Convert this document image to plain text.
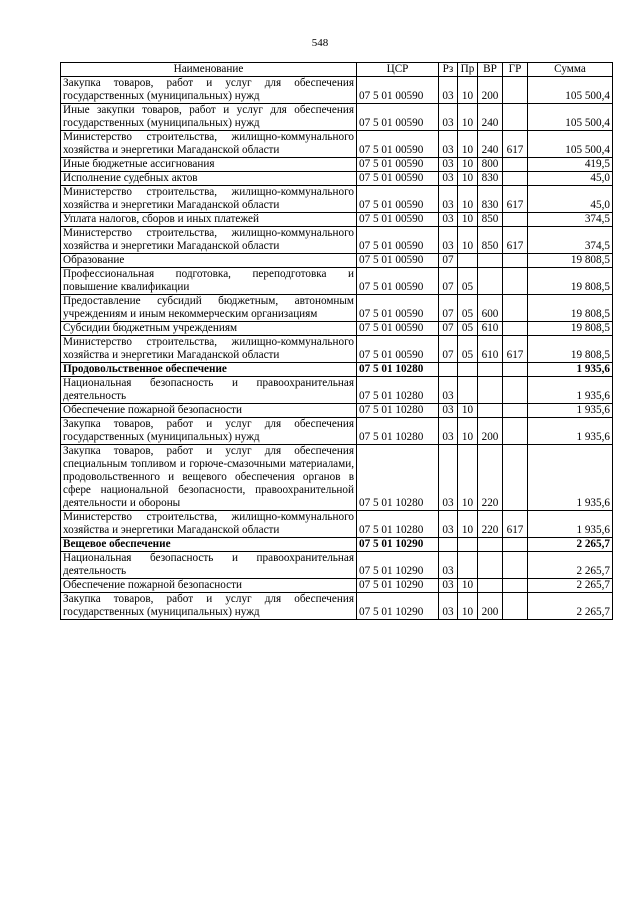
548
Наименование	ЦСР	Рз	Пр	ВР	ГР	Сумма
Закупка товаров, работ и услуг для обеспечения государственных (муниципальных) нужд	07 5 01 00590	03	10	200		105 500,4
Иные закупки товаров, работ и услуг для обеспечения государственных (муниципальных) нужд	07 5 01 00590	03	10	240		105 500,4
Министерство строительства, жилищно-коммунального хозяйства и энергетики Магаданской области	07 5 01 00590	03	10	240	617	105 500,4
Иные бюджетные ассигнования	07 5 01 00590	03	10	800		419,5
Исполнение судебных актов	07 5 01 00590	03	10	830		45,0
Министерство строительства, жилищно-коммунального хозяйства и энергетики Магаданской области	07 5 01 00590	03	10	830	617	45,0
Уплата налогов, сборов и иных платежей	07 5 01 00590	03	10	850		374,5
Министерство строительства, жилищно-коммунального хозяйства и энергетики Магаданской области	07 5 01 00590	03	10	850	617	374,5
Образование	07 5 01 00590	07				19 808,5
Профессиональная подготовка, переподготовка и повышение квалификации	07 5 01 00590	07	05			19 808,5
Предоставление субсидий бюджетным, автономным учреждениям и иным некоммерческим организациям	07 5 01 00590	07	05	600		19 808,5
Субсидии бюджетным учреждениям	07 5 01 00590	07	05	610		19 808,5
Министерство строительства, жилищно-коммунального хозяйства и энергетики Магаданской области	07 5 01 00590	07	05	610	617	19 808,5
Продовольственное обеспечение	07 5 01 10280					1 935,6
Национальная безопасность и правоохранительная деятельность	07 5 01 10280	03				1 935,6
Обеспечение пожарной безопасности	07 5 01 10280	03	10			1 935,6
Закупка товаров, работ и услуг для обеспечения государственных (муниципальных) нужд	07 5 01 10280	03	10	200		1 935,6
Закупка товаров, работ и услуг для обеспечения специальным топливом и горюче-смазочными материалами, продовольственного и вещевого обеспечения органов в сфере национальной безопасности, правоохранительной деятельности и обороны	07 5 01 10280	03	10	220		1 935,6
Министерство строительства, жилищно-коммунального хозяйства и энергетики Магаданской области	07 5 01 10280	03	10	220	617	1 935,6
Вещевое обеспечение	07 5 01 10290					2 265,7
Национальная безопасность и правоохранительная деятельность	07 5 01 10290	03				2 265,7
Обеспечение пожарной безопасности	07 5 01 10290	03	10			2 265,7
Закупка товаров, работ и услуг для обеспечения государственных (муниципальных) нужд	07 5 01 10290	03	10	200		2 265,7
